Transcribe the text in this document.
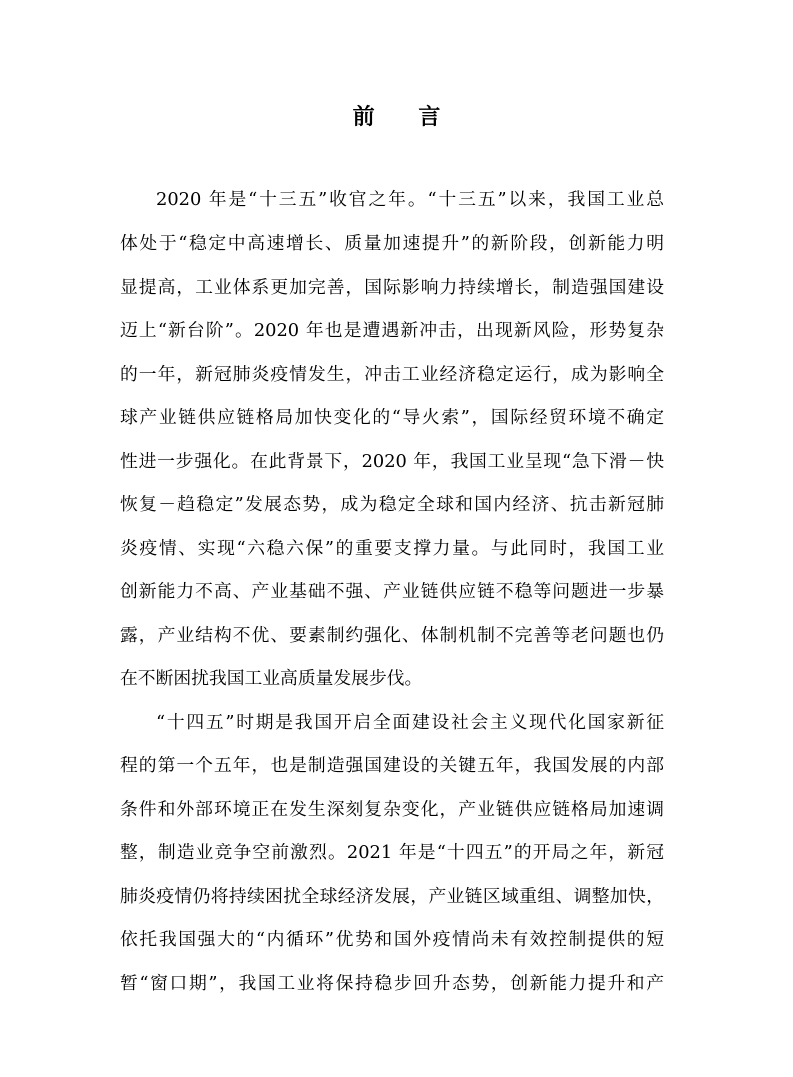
前 言

2020 年是“十三五”收官之年。“十三五”以来，我国工业总

体处于“稳定中高速增长、质量加速提升”的新阶段，创新能力明

显提高，工业体系更加完善，国际影响力持续增长，制造强国建设

迈上“新台阶”。2020 年也是遭遇新冲击，出现新风险，形势复杂

的一年，新冠肺炎疫情发生，冲击工业经济稳定运行，成为影响全

球产业链供应链格局加快变化的“导火索”，国际经贸环境不确定

性进一步强化。在此背景下，2020 年，我国工业呈现“急下滑－快

恢复－趋稳定”发展态势，成为稳定全球和国内经济、抗击新冠肺

炎疫情、实现“六稳六保”的重要支撑力量。与此同时，我国工业

创新能力不高、产业基础不强、产业链供应链不稳等问题进一步暴

露，产业结构不优、要素制约强化、体制机制不完善等老问题也仍

在不断困扰我国工业高质量发展步伐。

“十四五”时期是我国开启全面建设社会主义现代化国家新征

程的第一个五年，也是制造强国建设的关键五年，我国发展的内部

条件和外部环境正在发生深刻复杂变化，产业链供应链格局加速调

整，制造业竞争空前激烈。2021 年是“十四五”的开局之年，新冠

肺炎疫情仍将持续困扰全球经济发展，产业链区域重组、调整加快，

依托我国强大的“内循环”优势和国外疫情尚未有效控制提供的短

暂“窗口期”，我国工业将保持稳步回升态势，创新能力提升和产
